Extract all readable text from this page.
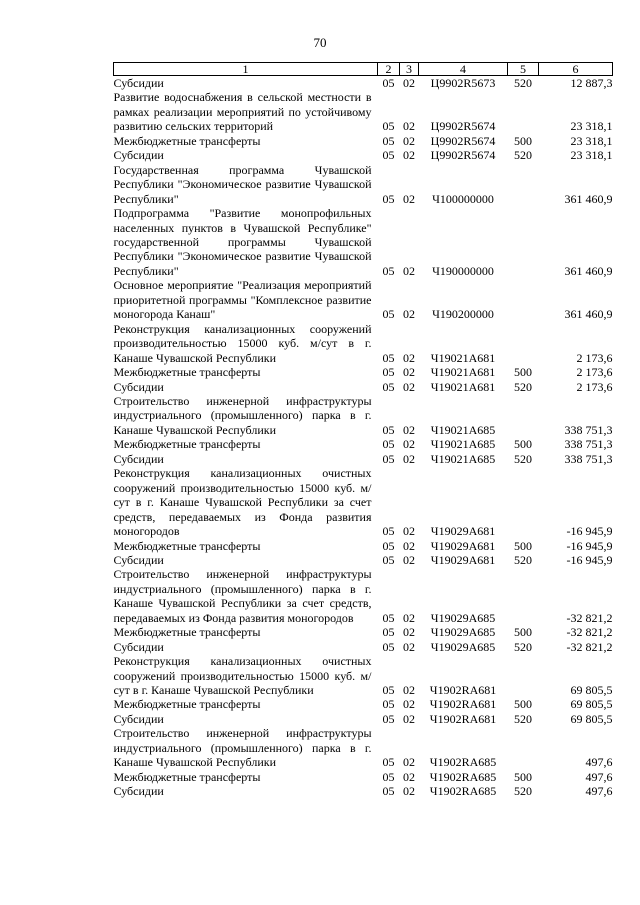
70
1	2	3	4	5	6
Субсидии	05	02	Ц9902R5673	520	12 887,3
Развитие водоснабжения в сельской местности в рамках реализации мероприятий по устойчивому развитию сельских территорий	05	02	Ц9902R5674		23 318,1
Межбюджетные трансферты	05	02	Ц9902R5674	500	23 318,1
Субсидии	05	02	Ц9902R5674	520	23 318,1
Государственная программа Чувашской Республики "Экономическое развитие Чувашской Республики"	05	02	Ч100000000		361 460,9
Подпрограмма "Развитие монопрофильных населенных пунктов в Чувашской Республике" государственной программы Чувашской Республики "Экономическое развитие Чувашской Республики"	05	02	Ч190000000		361 460,9
Основное мероприятие "Реализация мероприятий приоритетной программы "Комплексное развитие моногорода Канаш"	05	02	Ч190200000		361 460,9
Реконструкция канализационных сооружений производительностью 15000 куб. м/сут в г. Канаше Чувашской Республики	05	02	Ч19021А681		2 173,6
Межбюджетные трансферты	05	02	Ч19021А681	500	2 173,6
Субсидии	05	02	Ч19021А681	520	2 173,6
Строительство инженерной инфраструктуры индустриального (промышленного) парка в г. Канаше Чувашской Республики	05	02	Ч19021А685		338 751,3
Межбюджетные трансферты	05	02	Ч19021А685	500	338 751,3
Субсидии	05	02	Ч19021А685	520	338 751,3
Реконструкция канализационных очистных сооружений производительностью 15000 куб. м/сут в г. Канаше Чувашской Республики за счет средств, передаваемых из Фонда развития моногородов	05	02	Ч19029А681		-16 945,9
Межбюджетные трансферты	05	02	Ч19029А681	500	-16 945,9
Субсидии	05	02	Ч19029А681	520	-16 945,9
Строительство инженерной инфраструктуры индустриального (промышленного) парка в г. Канаше Чувашской Республики за счет средств, передаваемых из Фонда развития моногородов	05	02	Ч19029А685		-32 821,2
Межбюджетные трансферты	05	02	Ч19029А685	500	-32 821,2
Субсидии	05	02	Ч19029А685	520	-32 821,2
Реконструкция канализационных очистных сооружений производительностью 15000 куб. м/сут в г. Канаше Чувашской Республики	05	02	Ч1902RА681		69 805,5
Межбюджетные трансферты	05	02	Ч1902RА681	500	69 805,5
Субсидии	05	02	Ч1902RА681	520	69 805,5
Строительство инженерной инфраструктуры индустриального (промышленного) парка в г. Канаше Чувашской Республики	05	02	Ч1902RА685		497,6
Межбюджетные трансферты	05	02	Ч1902RА685	500	497,6
Субсидии	05	02	Ч1902RА685	520	497,6
